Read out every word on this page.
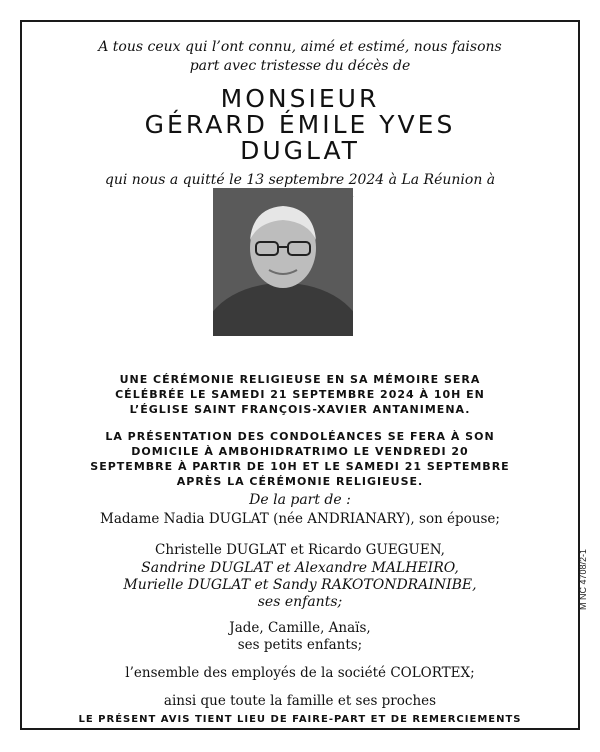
A tous ceux qui l’ont connu, aimé et estimé, nous faisons
part avec tristesse du décès de
MONSIEUR
GÉRARD ÉMILE YVES
DUGLAT
qui nous a quitté le 13 septembre 2024 à La Réunion à
UNE CÉRÉMONIE RELIGIEUSE EN SA MÉMOIRE SERA
CÉLÉBRÉE LE SAMEDI 21 SEPTEMBRE 2024 À 10H EN
L’ÉGLISE SAINT FRANÇOIS-XAVIER ANTANIMENA.
LA PRÉSENTATION DES CONDOLÉANCES SE FERA À SON
DOMICILE À AMBOHIDRATRIMO LE VENDREDI 20
SEPTEMBRE À PARTIR DE 10H ET LE SAMEDI 21 SEPTEMBRE
APRÈS LA CÉRÉMONIE RELIGIEUSE.
De la part de :
Madame Nadia DUGLAT (née ANDRIANARY), son épouse;
Christelle DUGLAT et Ricardo GUEGUEN,
Sandrine DUGLAT et Alexandre MALHEIRO,
Murielle DUGLAT et Sandy RAKOTONDRAINIBE,
ses enfants;
Jade, Camille, Anaïs,
ses petits enfants;
l’ensemble des employés de la société COLORTEX;
ainsi que toute la famille et ses proches
LE PRÉSENT AVIS TIENT LIEU DE FAIRE-PART ET DE REMERCIEMENTS
M NC 4708/2-1
